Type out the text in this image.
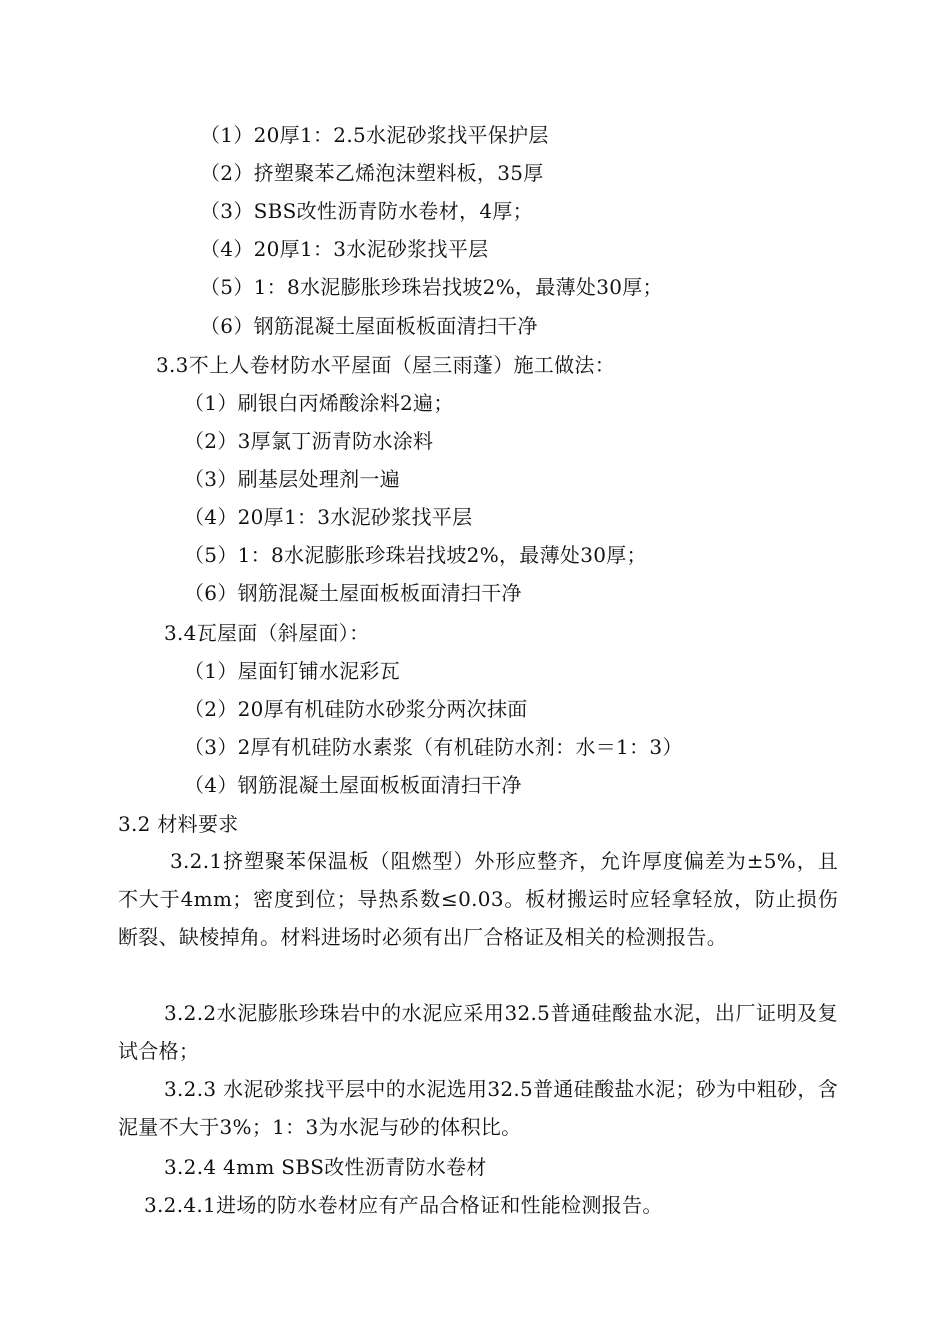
（1）20厚1：2.5水泥砂浆找平保护层
（2）挤塑聚苯乙烯泡沫塑料板，35厚
（3）SBS改性沥青防水卷材，4厚；
（4）20厚1：3水泥砂浆找平层
（5）1：8水泥膨胀珍珠岩找坡2%，最薄处30厚；
（6）钢筋混凝土屋面板板面清扫干净
3.3不上人卷材防水平屋面（屋三雨蓬）施工做法：
（1）刷银白丙烯酸涂料2遍；
（2）3厚氯丁沥青防水涂料
（3）刷基层处理剂一遍
（4）20厚1：3水泥砂浆找平层
（5）1：8水泥膨胀珍珠岩找坡2%，最薄处30厚；
（6）钢筋混凝土屋面板板面清扫干净
3.4瓦屋面（斜屋面）：
（1）屋面钉铺水泥彩瓦
（2）20厚有机硅防水砂浆分两次抹面
（3）2厚有机硅防水素浆（有机硅防水剂：水＝1：3）
（4）钢筋混凝土屋面板板面清扫干净
3.2 材料要求
3.2.1挤塑聚苯保温板（阻燃型）外形应整齐，允许厚度偏差为±5%，且不大于4mm；密度到位；导热系数≤0.03。板材搬运时应轻拿轻放，防止损伤断裂、缺棱掉角。材料进场时必须有出厂合格证及相关的检测报告。
3.2.2水泥膨胀珍珠岩中的水泥应采用32.5普通硅酸盐水泥，出厂证明及复试合格；
3.2.3 水泥砂浆找平层中的水泥选用32.5普通硅酸盐水泥；砂为中粗砂，含泥量不大于3%；1：3为水泥与砂的体积比。
3.2.4 4mm SBS改性沥青防水卷材
3.2.4.1进场的防水卷材应有产品合格证和性能检测报告。
